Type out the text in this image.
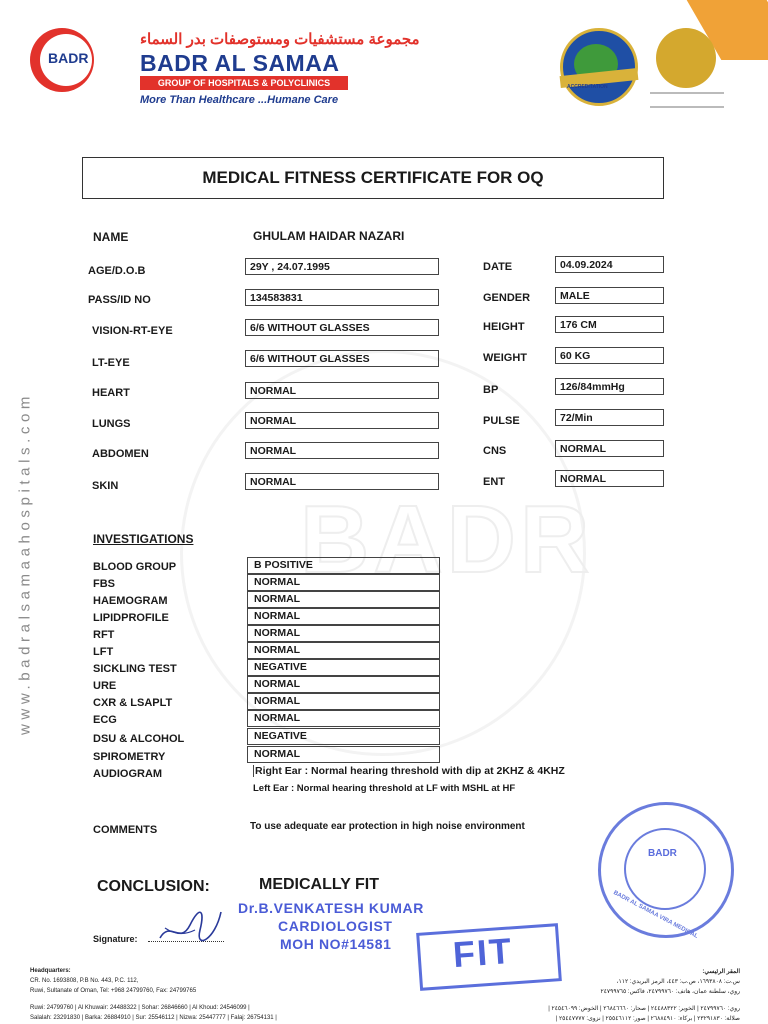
BADR
www.badralsamaahospitals.com
BADR
مجموعة مستشفيات ومستوصفات بدر السماء
BADR AL SAMAA
GROUP OF HOSPITALS & POLYCLINICS
More Than Healthcare ...Humane Care
ACCREDITATION
MEDICAL FITNESS CERTIFICATE FOR OQ
NAME	GHULAM HAIDAR NAZARI
AGE/D.O.B	29Y , 24.07.1995
PASS/ID NO	134583831
VISION-RT-EYE	6/6 WITHOUT GLASSES
LT-EYE	6/6 WITHOUT GLASSES
HEART	NORMAL
LUNGS	NORMAL
ABDOMEN	NORMAL
SKIN	NORMAL
DATE	04.09.2024
GENDER	MALE
HEIGHT	176 CM
WEIGHT	60 KG
BP	126/84mmHg
PULSE	72/Min
CNS	NORMAL
ENT	NORMAL
INVESTIGATIONS
BLOOD GROUP	B POSITIVE
FBS	NORMAL
HAEMOGRAM	NORMAL
LIPIDPROFILE	NORMAL
RFT	NORMAL
LFT	NORMAL
SICKLING TEST	NEGATIVE
URE	NORMAL
CXR & LSAPLT	NORMAL
ECG	NORMAL
DSU & ALCOHOL	NEGATIVE
SPIROMETRY	NORMAL
AUDIOGRAM	Right Ear : Normal hearing threshold with dip at 2KHZ & 4KHZ
Left Ear : Normal hearing threshold at LF with MSHL at HF
COMMENTS	To use adequate ear protection in high noise environment
CONCLUSION:	MEDICALLY FIT
Dr.B.VENKATESH KUMAR
CARDIOLOGIST
MOH NO#14581
Signature:	FIT
BADR
BADR AL SAMAA VIRA MEDICAL
Headquarters:
CR. No. 1693808, P.B No. 443, P.C. 112,
Ruwi, Sultanate of Oman, Tel: +968 24799760, Fax: 24799765
Ruwi: 24799760 | Al Khuwair: 24488322 | Sohar: 26846660 | Al Khoud: 24546099 |
Salalah: 23291830 | Barka: 26884910 | Sur: 25546112 | Nizwa: 25447777 | Falaj: 26754131 |
المقر الرئيسي:
س.ت: ١٦٩٣٨٠٨، ص.ب: ٤٤٣، الرمز البريدي: ١١٢،
روي، سلطنة عمان، هاتف: ٢٤٧٩٩٧٦٠، فاكس: ٢٤٧٩٩٧٦٥
روي: ٢٤٧٩٩٧٦٠ | الخوير: ٢٤٤٨٨٣٢٢ | صحار: ٢٦٨٤٦٦٦٠ | الخوض: ٢٤٥٤٦٠٩٩ |
صلالة: ٢٣٢٩١٨٣٠ | بركاء: ٢٦٨٨٤٩١٠ | صور: ٢٥٥٤٦١١٢ | نزوى: ٢٥٤٤٧٧٧٧ |
